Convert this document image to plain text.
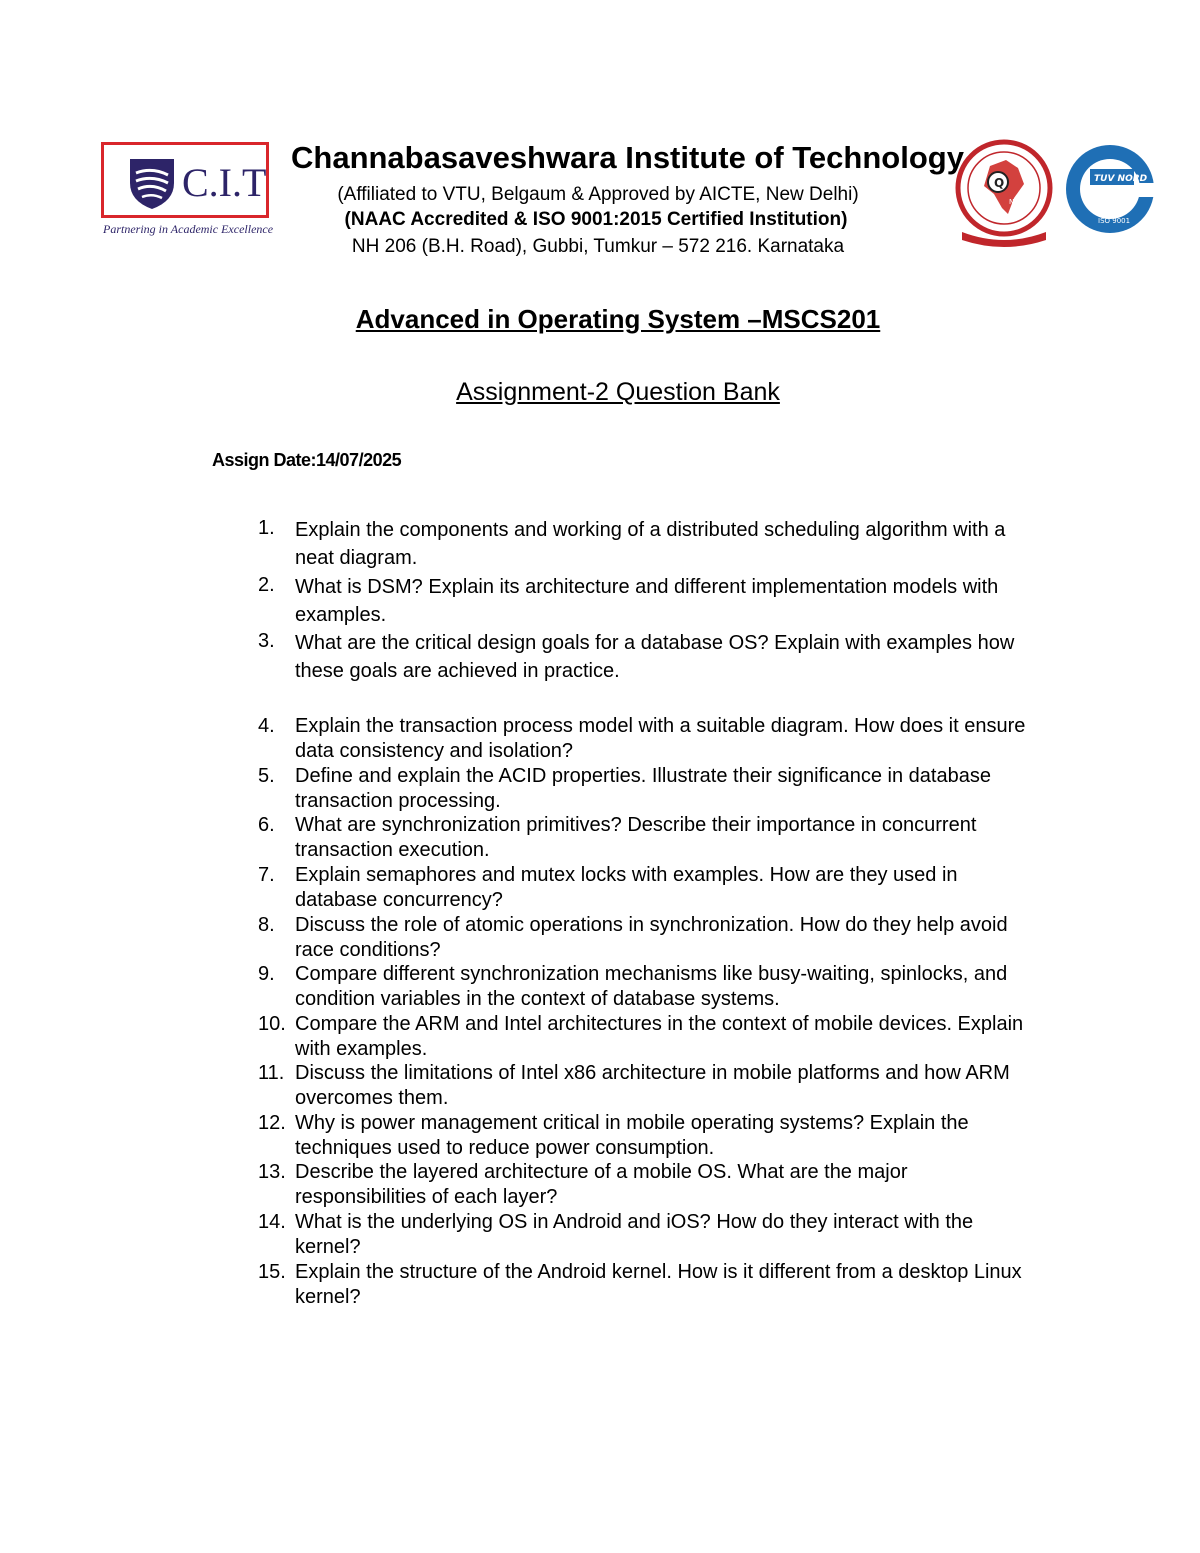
C.I.T
Partnering in Academic Excellence
Channabasaveshwara Institute of Technology
(Affiliated to VTU, Belgaum & Approved by AICTE, New Delhi)
(NAAC Accredited & ISO 9001:2015 Certified Institution)
NH 206 (B.H. Road), Gubbi, Tumkur – 572 216. Karnataka
Q
NAAC
TUV NORD
ISO 9001
Advanced in Operating System –MSCS201
Assignment-2 Question Bank
Assign Date:14/07/2025
1.	Explain the components and working of a distributed scheduling algorithm with a neat diagram.
2.	What is DSM? Explain its architecture and different implementation models with examples.
3.	What are the critical design goals for a database OS? Explain with examples how these goals are achieved in practice.
4.	Explain the transaction process model with a suitable diagram. How does it ensure data consistency and isolation?
5.	Define and explain the ACID properties. Illustrate their significance in database transaction processing.
6.	What are synchronization primitives? Describe their importance in concurrent transaction execution.
7.	Explain semaphores and mutex locks with examples. How are they used in database concurrency?
8.	Discuss the role of atomic operations in synchronization. How do they help avoid race conditions?
9.	Compare different synchronization mechanisms like busy-waiting, spinlocks, and condition variables in the context of database systems.
10. Compare the ARM and Intel architectures in the context of mobile devices. Explain with examples.
11. Discuss the limitations of Intel x86 architecture in mobile platforms and how ARM overcomes them.
12. Why is power management critical in mobile operating systems? Explain the techniques used to reduce power consumption.
13. Describe the layered architecture of a mobile OS. What are the major responsibilities of each layer?
14. What is the underlying OS in Android and iOS? How do they interact with the kernel?
15. Explain the structure of the Android kernel. How is it different from a desktop Linux kernel?
